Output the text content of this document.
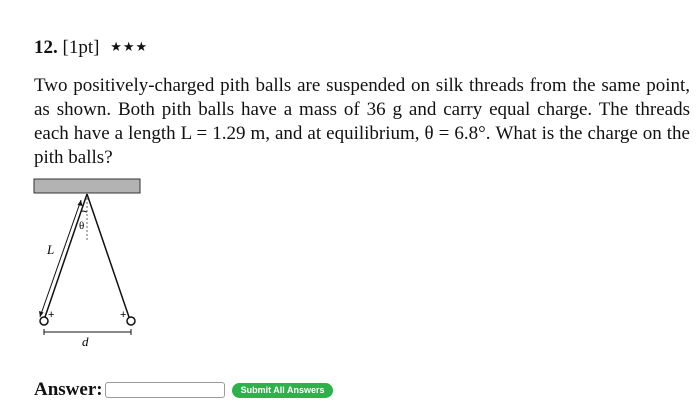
12. [1pt] ★★★
Two positively-charged pith balls are suspended on silk threads from the same point, as shown. Both pith balls have a mass of 36 g and carry equal charge. The threads each have a length L = 1.29 m, and at equilibrium, θ = 6.8°. What is the charge on the pith balls?
θ
L
+	+
d
Answer:	Submit All Answers
